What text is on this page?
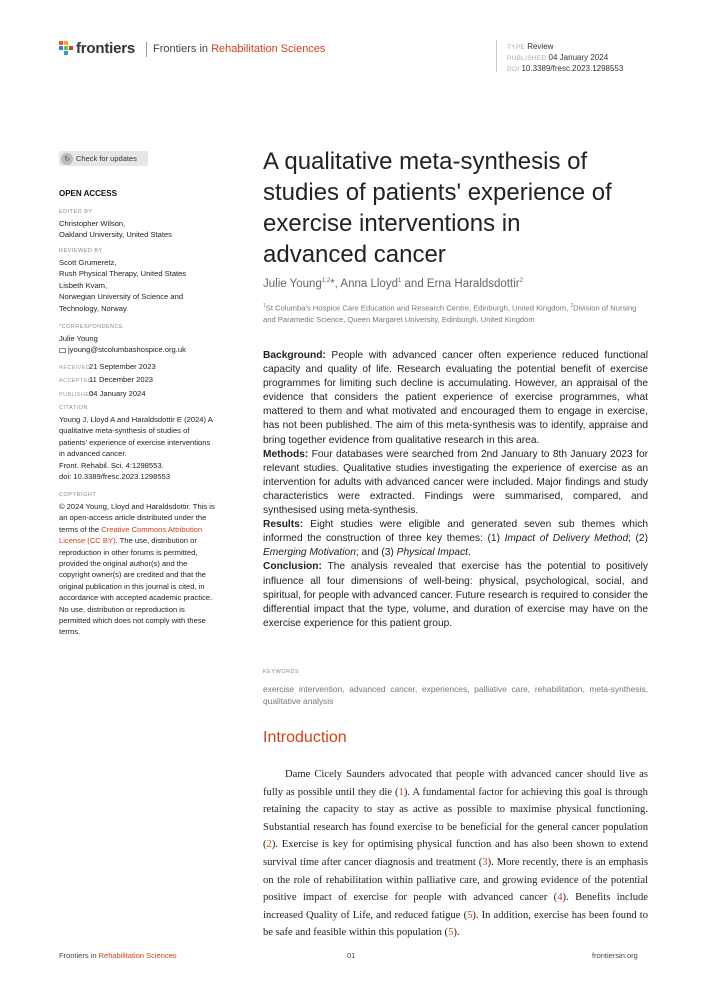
frontiers Frontiers in Rehabilitation Sciences	TYPE Review
PUBLISHED 04 January 2024
DOI 10.3389/fresc.2023.1298553
↻ Check for updates
OPEN ACCESS
EDITED BY
Christopher Wilson,
Oakland University, United States
REVIEWED BY
Scott Grumeretz,
Rush Physical Therapy, United States
Lisbeth Kvam,
Norwegian University of Science and
Technology, Norway
*CORRESPONDENCE
Julie Young
jyoung@stcolumbashospice.org.uk
RECEIVED21 September 2023
ACCEPTED11 December 2023
PUBLISHED04 January 2024
CITATION
Young J, Lloyd A and Haraldsdottir E (2024) A
qualitative meta-synthesis of studies of
patients' experience of exercise interventions
in advanced cancer.
Front. Rehabil. Sci. 4:1298553.
doi: 10.3389/fresc.2023.1298553
COPYRIGHT
© 2024 Young, Lloyd and Haraldsdottir. This is
an open-access article distributed under the
terms of the Creative Commons Attribution
License (CC BY). The use, distribution or
reproduction in other forums is permitted,
provided the original author(s) and the
copyright owner(s) are credited and that the
original publication in this journal is cited, in
accordance with accepted academic practice.
No use, distribution or reproduction is
permitted which does not comply with these
terms.
A qualitative meta-synthesis of
studies of patients' experience of
exercise interventions in
advanced cancer
Julie Young$^{1,2}$*, Anna Lloyd$^1$ and Erna Haraldsdottir$^2$
$^1$St Columba's Hospice Care Education and Research Centre, Edinburgh, United Kingdom, $^2$Division of Nursing and Paramedic Science, Queen Margaret University, Edinburgh, United Kingdom

Background: People with advanced cancer often experience reduced functional capacity and quality of life. Research evaluating the potential benefit of exercise programmes for limiting such decline is accumulating. However, an appraisal of the evidence that considers the patient experience of exercise programmes, what mattered to them and what motivated and encouraged them to engage in exercise, has not been published. The aim of this meta-synthesis was to identify, appraise and bring together evidence from qualitative research in this area.

Methods: Four databases were searched from 2nd January to 8th January 2023 for relevant studies. Qualitative studies investigating the experience of exercise as an intervention for adults with advanced cancer were included. Major findings and study characteristics were extracted. Findings were summarised, compared, and synthesised using meta-synthesis.

Results: Eight studies were eligible and generated seven sub themes which informed the construction of three key themes: (1) Impact of Delivery Method; (2) Emerging Motivation; and (3) Physical Impact.

Conclusion: The analysis revealed that exercise has the potential to positively influence all four dimensions of well-being: physical, psychological, social, and spiritual, for people with advanced cancer. Future research is required to consider the differential impact that the type, volume, and duration of exercise may have on the exercise experience for this patient group.

KEYWORDS
exercise intervention, advanced cancer, experiences, palliative care, rehabilitation, meta-synthesis, qualitative analysis
Introduction
Dame Cicely Saunders advocated that people with advanced cancer should live as fully as possible until they die (1). A fundamental factor for achieving this goal is through retaining the capacity to stay as active as possible to maximise physical functioning. Substantial research has found exercise to be beneficial for the general cancer population (2). Exercise is key for optimising physical function and has also been shown to extend survival time after cancer diagnosis and treatment (3). More recently, there is an emphasis on the role of rehabilitation within palliative care, and growing evidence of the potential positive impact of exercise for people with advanced cancer (4). Benefits include increased Quality of Life, and reduced fatigue (5). In addition, exercise has been found to be safe and feasible within this population (5).
Frontiers in Rehabilitation Sciences	01	frontiersin.org
